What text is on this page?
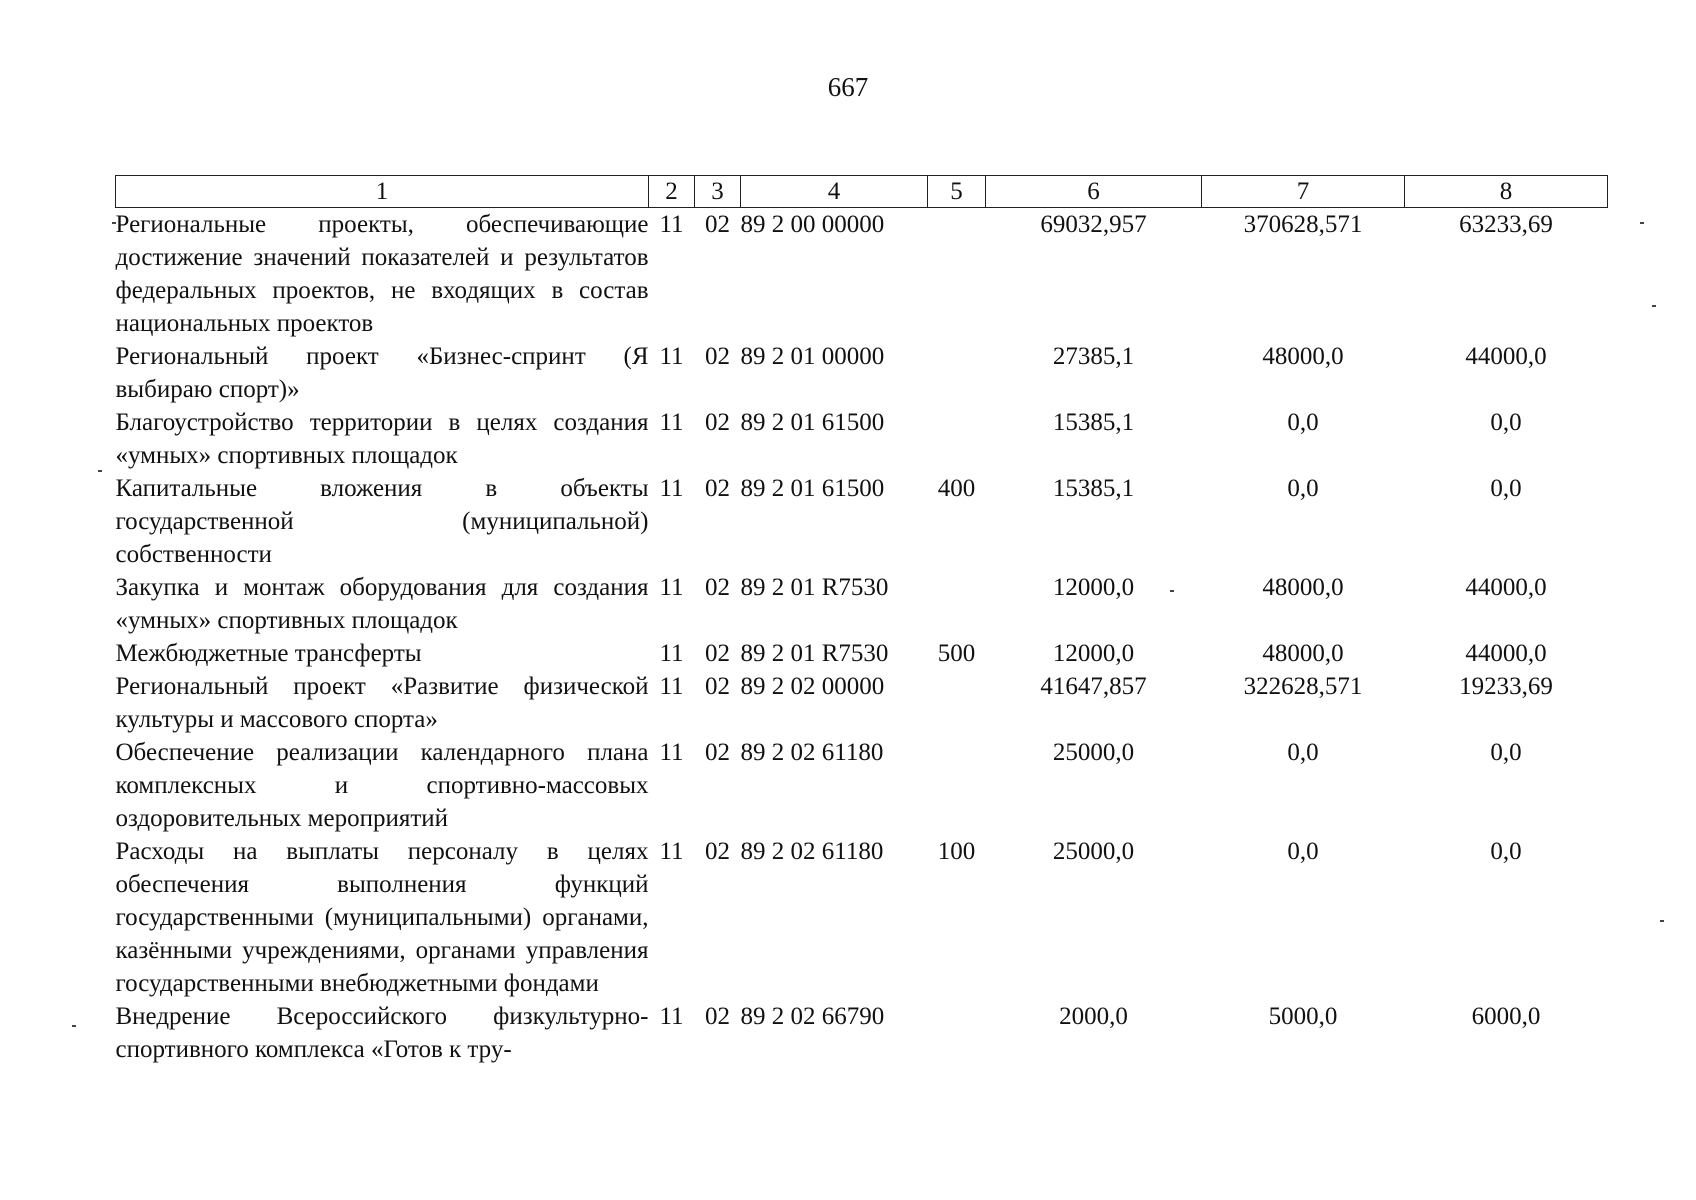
667
1	2	3	4	5	6	7	8
Региональные проекты, обеспечивающие достижение значений показателей и результатов федеральных проектов, не входящих в состав национальных проектов	11	02	89 2 00 00000		69032,957	370628,571	63233,69
Региональный проект «Бизнес-спринт (Я выбираю спорт)»	11	02	89 2 01 00000		27385,1	48000,0	44000,0
Благоустройство территории в целях создания «умных» спортивных площадок	11	02	89 2 01 61500		15385,1	0,0	0,0
Капитальные вложения в объекты государственной (муниципальной) собственности	11	02	89 2 01 61500	400	15385,1	0,0	0,0
Закупка и монтаж оборудования для создания «умных» спортивных площадок	11	02	89 2 01 R7530		12000,0	48000,0	44000,0
Межбюджетные трансферты	11	02	89 2 01 R7530	500	12000,0	48000,0	44000,0
Региональный проект «Развитие физической культуры и массового спорта»	11	02	89 2 02 00000		41647,857	322628,571	19233,69
Обеспечение реализации календарного плана комплексных и спортивно-массовых оздоровительных мероприятий	11	02	89 2 02 61180		25000,0	0,0	0,0
Расходы на выплаты персоналу в целях обеспечения выполнения функций государственными (муниципальными) органами, казёнными учреждениями, органами управления государственными внебюджетными фондами	11	02	89 2 02 61180	100	25000,0	0,0	0,0
Внедрение Всероссийского физкультурно-спортивного комплекса «Готов к тру-	11	02	89 2 02 66790		2000,0	5000,0	6000,0
